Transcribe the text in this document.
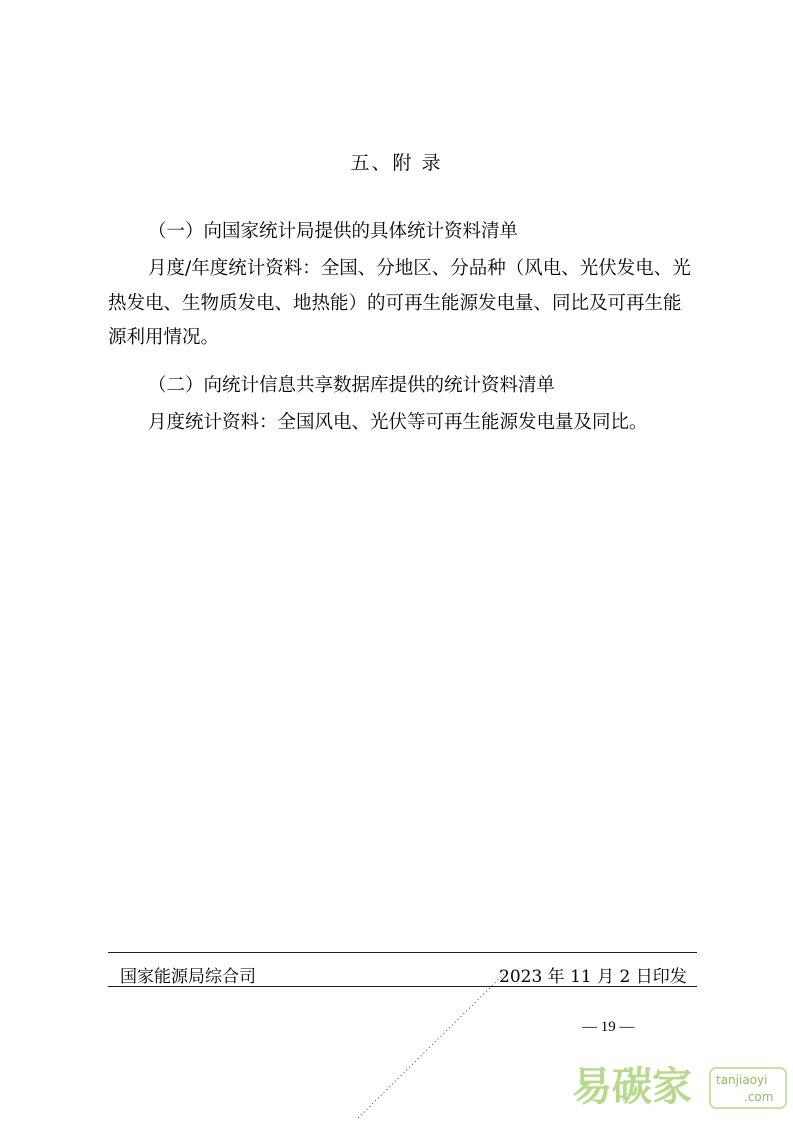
五、附 录

（一）向国家统计局提供的具体统计资料清单

月度/年度统计资料：全国、分地区、分品种（风电、光伏发电、光热发电、生物质发电、地热能）的可再生能源发电量、同比及可再生能源利用情况。

（二）向统计信息共享数据库提供的统计资料清单

月度统计资料：全国风电、光伏等可再生能源发电量及同比。

国家能源局综合司	2023 年 11 月 2 日印发
— 19 —
易碳家 tanjiaoyi
.com
